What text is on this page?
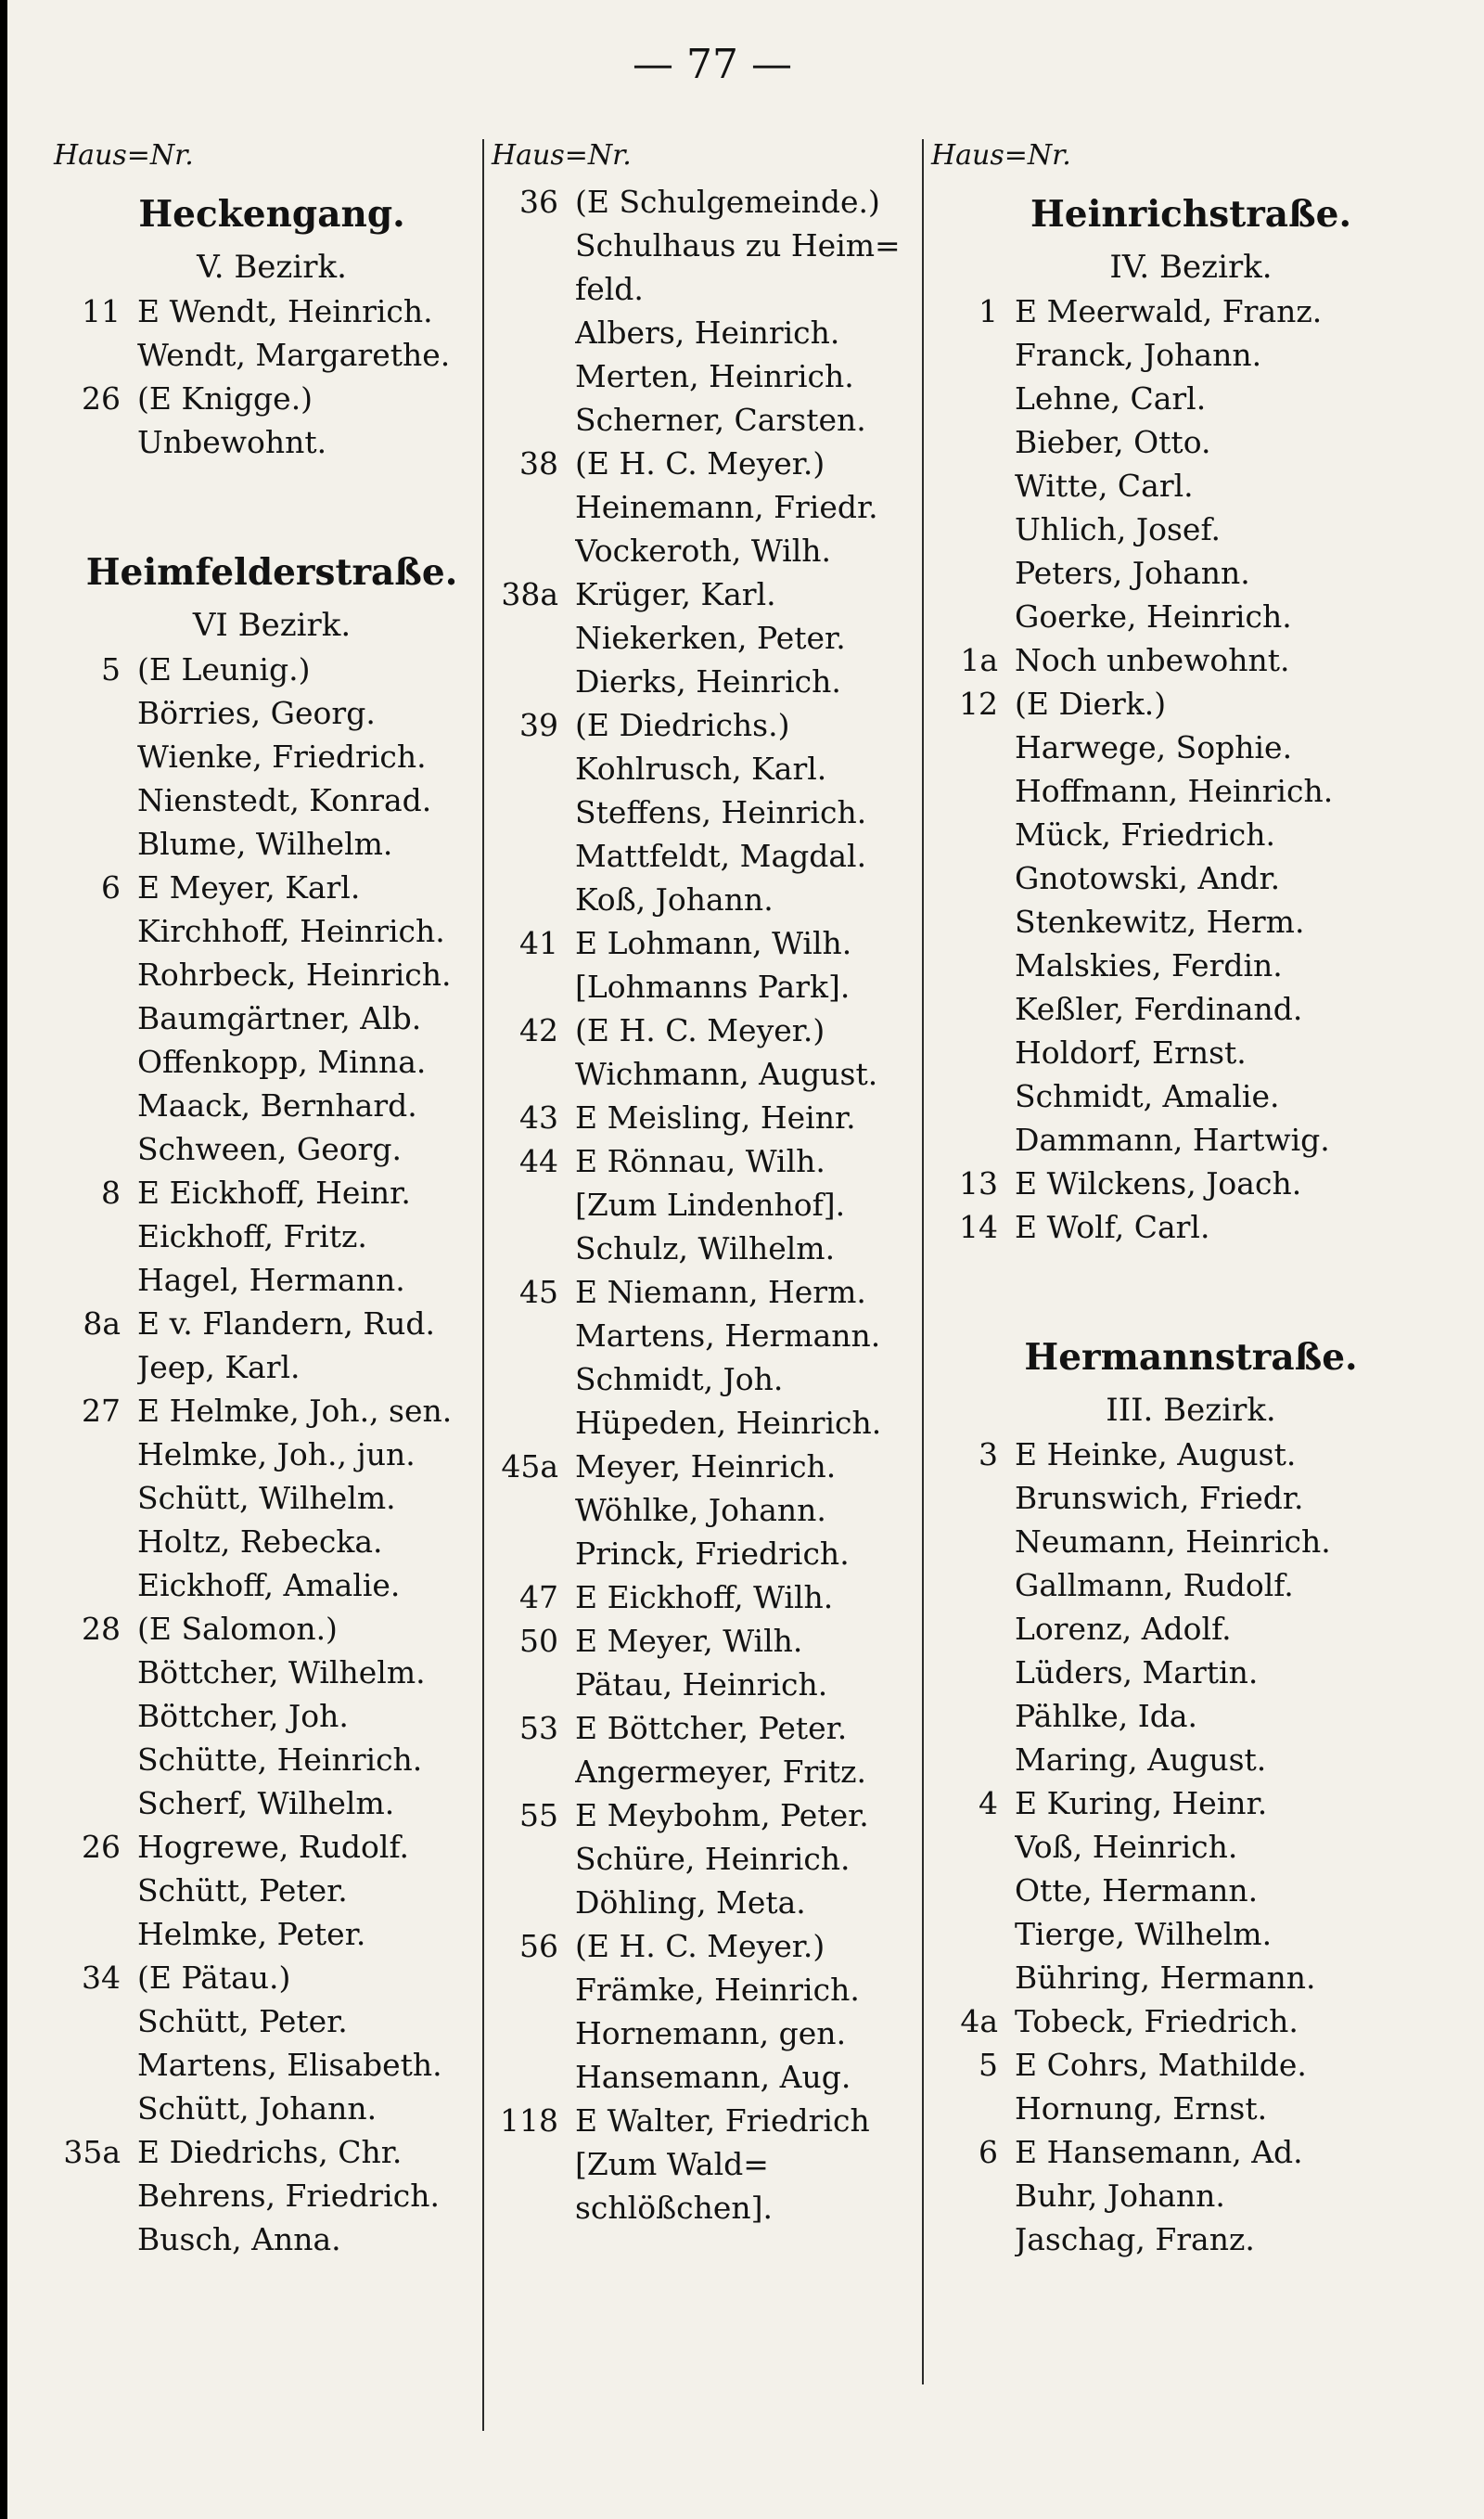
— 77 —
Haus=Nr.
Heckengang.
V. Bezirk.
11 E Wendt, Heinrich.
Wendt, Margarethe.
26 (E Knigge.)
Unbewohnt.
Heimfelderstraße.
VI Bezirk.
5 (E Leunig.)
Börries, Georg.
Wienke, Friedrich.
Nienstedt, Konrad.
Blume, Wilhelm.
6 E Meyer, Karl.
Kirchhoff, Heinrich.
Rohrbeck, Heinrich.
Baumgärtner, Alb.
Offenkopp, Minna.
Maack, Bernhard.
Schween, Georg.
8 E Eickhoff, Heinr.
Eickhoff, Fritz.
Hagel, Hermann.
8a E v. Flandern, Rud.
Jeep, Karl.
27 E Helmke, Joh., sen.
Helmke, Joh., jun.
Schütt, Wilhelm.
Holtz, Rebecka.
Eickhoff, Amalie.
28 (E Salomon.)
Böttcher, Wilhelm.
Böttcher, Joh.
Schütte, Heinrich.
Scherf, Wilhelm.
26 Hogrewe, Rudolf.
Schütt, Peter.
Helmke, Peter.
34 (E Pätau.)
Schütt, Peter.
Martens, Elisabeth.
Schütt, Johann.
35a E Diedrichs, Chr.
Behrens, Friedrich.
Busch, Anna.
Haus=Nr.
36 (E Schulgemeinde.)
Schulhaus zu Heim=
feld.
Albers, Heinrich.
Merten, Heinrich.
Scherner, Carsten.
38 (E H. C. Meyer.)
Heinemann, Friedr.
Vockeroth, Wilh.
38a Krüger, Karl.
Niekerken, Peter.
Dierks, Heinrich.
39 (E Diedrichs.)
Kohlrusch, Karl.
Steffens, Heinrich.
Mattfeldt, Magdal.
Koß, Johann.
41 E Lohmann, Wilh.
[Lohmanns Park].
42 (E H. C. Meyer.)
Wichmann, August.
43 E Meisling, Heinr.
44 E Rönnau, Wilh.
[Zum Lindenhof].
Schulz, Wilhelm.
45 E Niemann, Herm.
Martens, Hermann.
Schmidt, Joh.
Hüpeden, Heinrich.
45a Meyer, Heinrich.
Wöhlke, Johann.
Princk, Friedrich.
47 E Eickhoff, Wilh.
50 E Meyer, Wilh.
Pätau, Heinrich.
53 E Böttcher, Peter.
Angermeyer, Fritz.
55 E Meybohm, Peter.
Schüre, Heinrich.
Döhling, Meta.
56 (E H. C. Meyer.)
Främke, Heinrich.
Hornemann, gen.
Hansemann, Aug.
118 E Walter, Friedrich
[Zum Wald=
schlößchen].
Haus=Nr.
Heinrichstraße.
IV. Bezirk.
1 E Meerwald, Franz.
Franck, Johann.
Lehne, Carl.
Bieber, Otto.
Witte, Carl.
Uhlich, Josef.
Peters, Johann.
Goerke, Heinrich.
1a Noch unbewohnt.
12 (E Dierk.)
Harwege, Sophie.
Hoffmann, Heinrich.
Mück, Friedrich.
Gnotowski, Andr.
Stenkewitz, Herm.
Malskies, Ferdin.
Keßler, Ferdinand.
Holdorf, Ernst.
Schmidt, Amalie.
Dammann, Hartwig.
13 E Wilckens, Joach.
14 E Wolf, Carl.
Hermannstraße.
III. Bezirk.
3 E Heinke, August.
Brunswich, Friedr.
Neumann, Heinrich.
Gallmann, Rudolf.
Lorenz, Adolf.
Lüders, Martin.
Pählke, Ida.
Maring, August.
4 E Kuring, Heinr.
Voß, Heinrich.
Otte, Hermann.
Tierge, Wilhelm.
Bühring, Hermann.
4a Tobeck, Friedrich.
5 E Cohrs, Mathilde.
Hornung, Ernst.
6 E Hansemann, Ad.
Buhr, Johann.
Jaschag, Franz.
